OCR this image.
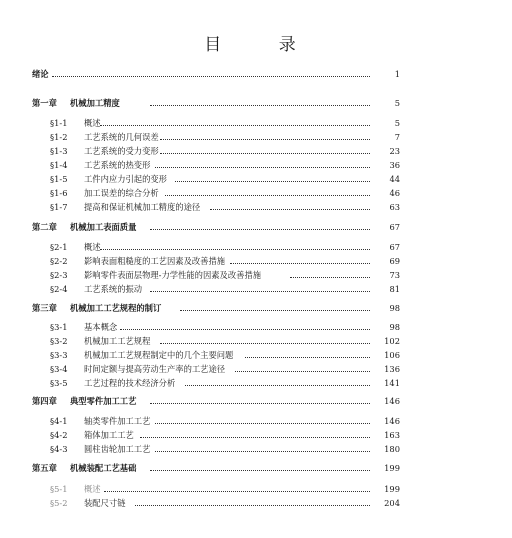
目 录
绪论	1
第一章 机械加工精度	5
§1-1 概述	5
§1-2 工艺系统的几何误差	7
§1-3 工艺系统的受力变形	23
§1-4 工艺系统的热变形	36
§1-5 工件内应力引起的变形	44
§1-6 加工误差的综合分析	46
§1-7 提高和保证机械加工精度的途径	63
第二章 机械加工表面质量	67
§2-1 概述	67
§2-2 影响表面粗糙度的工艺因素及改善措施	69
§2-3 影响零件表面层物理-力学性能的因素及改善措施	73
§2-4 工艺系统的振动	81
第三章 机械加工工艺规程的制订	98
§3-1 基本概念	98
§3-2 机械加工工艺规程	102
§3-3 机械加工工艺规程制定中的几个主要问题	106
§3-4 时间定额与提高劳动生产率的工艺途径	136
§3-5 工艺过程的技术经济分析	141
第四章 典型零件加工工艺	146
§4-1 轴类零件加工工艺	146
§4-2 箱体加工工艺	163
§4-3 圆柱齿轮加工工艺	180
第五章 机械装配工艺基础	199
§5-1 概述	199
§5-2 装配尺寸链	204
